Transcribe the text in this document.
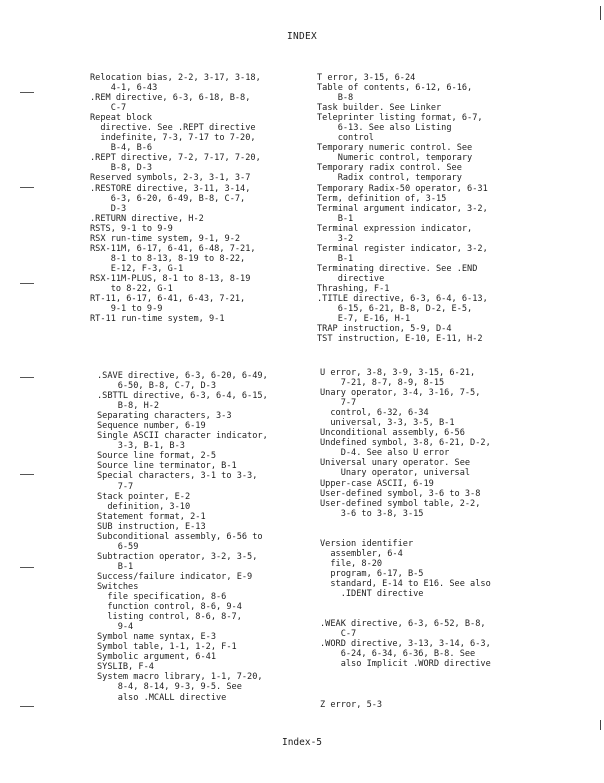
INDEX
Relocation bias, 2-2, 3-17, 3-18,
4-1, 6-43
.REM directive, 6-3, 6-18, B-8,
C-7
Repeat block
directive. See .REPT directive
indefinite, 7-3, 7-17 to 7-20,
B-4, B-6
.REPT directive, 7-2, 7-17, 7-20,
B-8, D-3
Reserved symbols, 2-3, 3-1, 3-7
.RESTORE directive, 3-11, 3-14,
6-3, 6-20, 6-49, B-8, C-7,
D-3
.RETURN directive, H-2
RSTS, 9-1 to 9-9
RSX run-time system, 9-1, 9-2
RSX-11M, 6-17, 6-41, 6-48, 7-21,
8-1 to 8-13, 8-19 to 8-22,
E-12, F-3, G-1
RSX-11M-PLUS, 8-1 to 8-13, 8-19
to 8-22, G-1
RT-11, 6-17, 6-41, 6-43, 7-21,
9-1 to 9-9
RT-11 run-time system, 9-1
T error, 3-15, 6-24
Table of contents, 6-12, 6-16,
B-8
Task builder. See Linker
Teleprinter listing format, 6-7,
6-13. See also Listing
control
Temporary numeric control. See
Numeric control, temporary
Temporary radix control. See
Radix control, temporary
Temporary Radix-50 operator, 6-31
Term, definition of, 3-15
Terminal argument indicator, 3-2,
B-1
Terminal expression indicator,
3-2
Terminal register indicator, 3-2,
B-1
Terminating directive. See .END
directive
Thrashing, F-1
.TITLE directive, 6-3, 6-4, 6-13,
6-15, 6-21, B-8, D-2, E-5,
E-7, E-16, H-1
TRAP instruction, 5-9, D-4
TST instruction, E-10, E-11, H-2
.SAVE directive, 6-3, 6-20, 6-49,
6-50, B-8, C-7, D-3
.SBTTL directive, 6-3, 6-4, 6-15,
B-8, H-2
Separating characters, 3-3
Sequence number, 6-19
Single ASCII character indicator,
3-3, B-1, B-3
Source line format, 2-5
Source line terminator, B-1
Special characters, 3-1 to 3-3,
7-7
Stack pointer, E-2
definition, 3-10
Statement format, 2-1
SUB instruction, E-13
Subconditional assembly, 6-56 to
6-59
Subtraction operator, 3-2, 3-5,
B-1
Success/failure indicator, E-9
Switches
file specification, 8-6
function control, 8-6, 9-4
listing control, 8-6, 8-7,
9-4
Symbol name syntax, E-3
Symbol table, 1-1, 1-2, F-1
Symbolic argument, 6-41
SYSLIB, F-4
System macro library, 1-1, 7-20,
8-4, 8-14, 9-3, 9-5. See
also .MCALL directive
U error, 3-8, 3-9, 3-15, 6-21,
7-21, 8-7, 8-9, 8-15
Unary operator, 3-4, 3-16, 7-5,
7-7
control, 6-32, 6-34
universal, 3-3, 3-5, B-1
Unconditional assembly, 6-56
Undefined symbol, 3-8, 6-21, D-2,
D-4. See also U error
Universal unary operator. See
Unary operator, universal
Upper-case ASCII, 6-19
User-defined symbol, 3-6 to 3-8
User-defined symbol table, 2-2,
3-6 to 3-8, 3-15

Version identifier
assembler, 6-4
file, 8-20
program, 6-17, B-5
standard, E-14 to E16. See also
.IDENT directive

.WEAK directive, 6-3, 6-52, B-8,
C-7
.WORD directive, 3-13, 3-14, 6-3,
6-24, 6-34, 6-36, B-8. See
also Implicit .WORD directive

Z error, 5-3
Index-5
